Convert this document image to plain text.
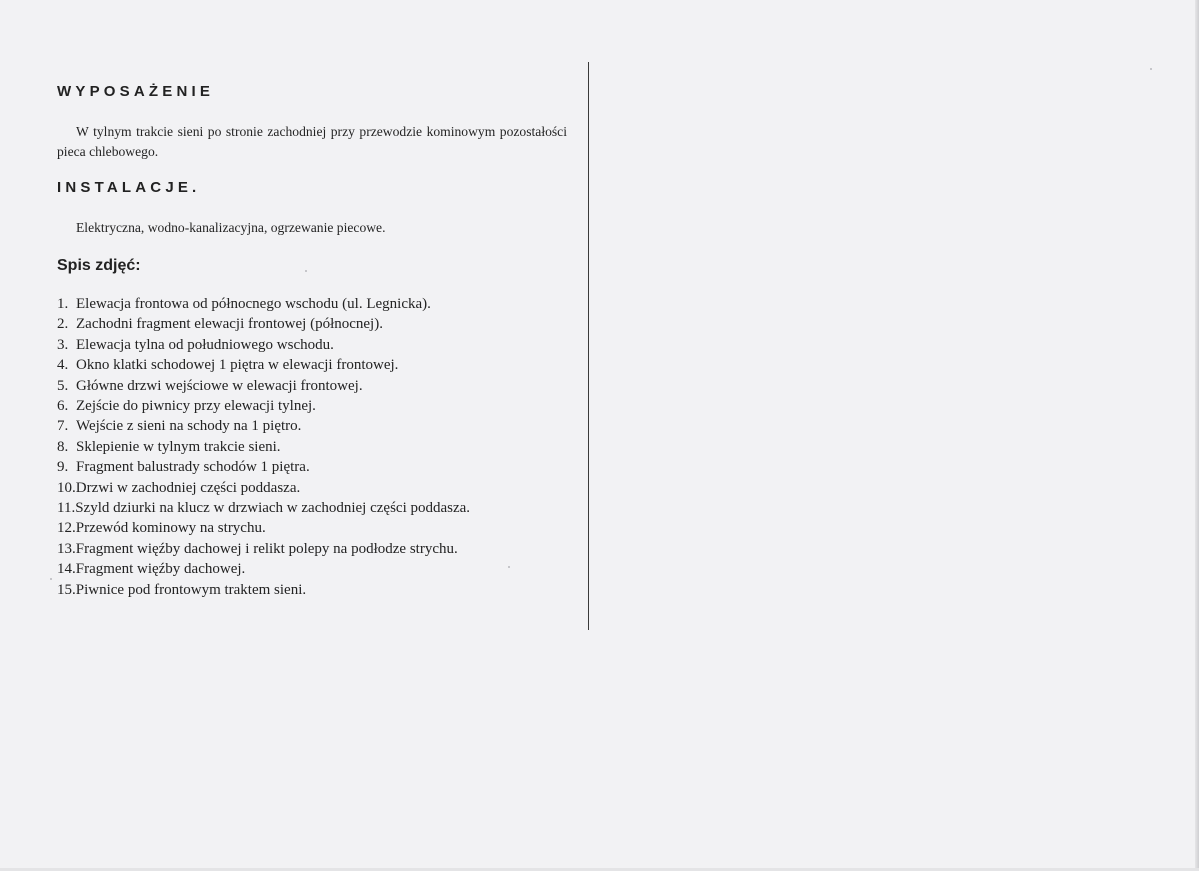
WYPOSAŻENIE

W tylnym trakcie sieni po stronie zachodniej przy przewodzie kominowym pozostałości pieca chlebowego.

INSTALACJE.

Elektryczna, wodno-kanalizacyjna, ogrzewanie piecowe.

Spis zdjęć:
1. Elewacja frontowa od północnego wschodu (ul. Legnicka).
2. Zachodni fragment elewacji frontowej (północnej).
3. Elewacja tylna od południowego wschodu.
4. Okno klatki schodowej 1 piętra w elewacji frontowej.
5. Główne drzwi wejściowe w elewacji frontowej.
6. Zejście do piwnicy przy elewacji tylnej.
7. Wejście z sieni na schody na 1 piętro.
8. Sklepienie w tylnym trakcie sieni.
9. Fragment balustrady schodów 1 piętra.
10.Drzwi w zachodniej części poddasza.
11.Szyld dziurki na klucz w drzwiach w zachodniej części poddasza.
12.Przewód kominowy na strychu.
13.Fragment więźby dachowej i relikt polepy na podłodze strychu.
14.Fragment więźby dachowej.
15.Piwnice pod frontowym traktem sieni.
